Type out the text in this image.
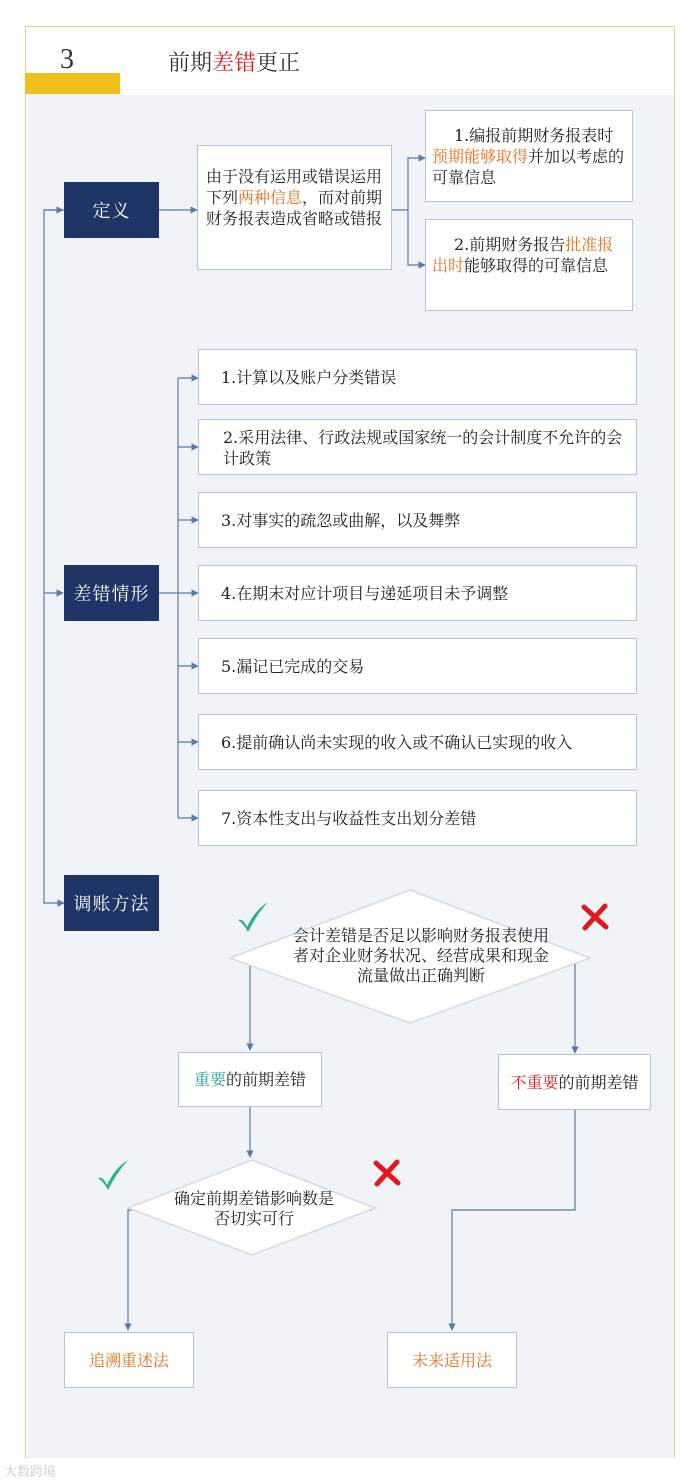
3	前期差错更正
定义
差错情形
调账方法
由于没有运用或错误运用下列两种信息，而对前期财务报表造成省略或错报
1.编报前期财务报表时预期能够取得并加以考虑的可靠信息
2.前期财务报告批准报出时能够取得的可靠信息
1.计算以及账户分类错误
2.采用法律、行政法规或国家统一的会计制度不允许的会计政策
3.对事实的疏忽或曲解，以及舞弊
4.在期末对应计项目与递延项目未予调整
5.漏记已完成的交易
6.提前确认尚未实现的收入或不确认已实现的收入
7.资本性支出与收益性支出划分差错
会计差错是否足以影响财务报表使用者对企业财务状况、经营成果和现金流量做出正确判断
确定前期差错影响数是否切实可行
重要 的前期差错	不重要 的前期差错
追溯重述法	未来适用法
大数跨境
